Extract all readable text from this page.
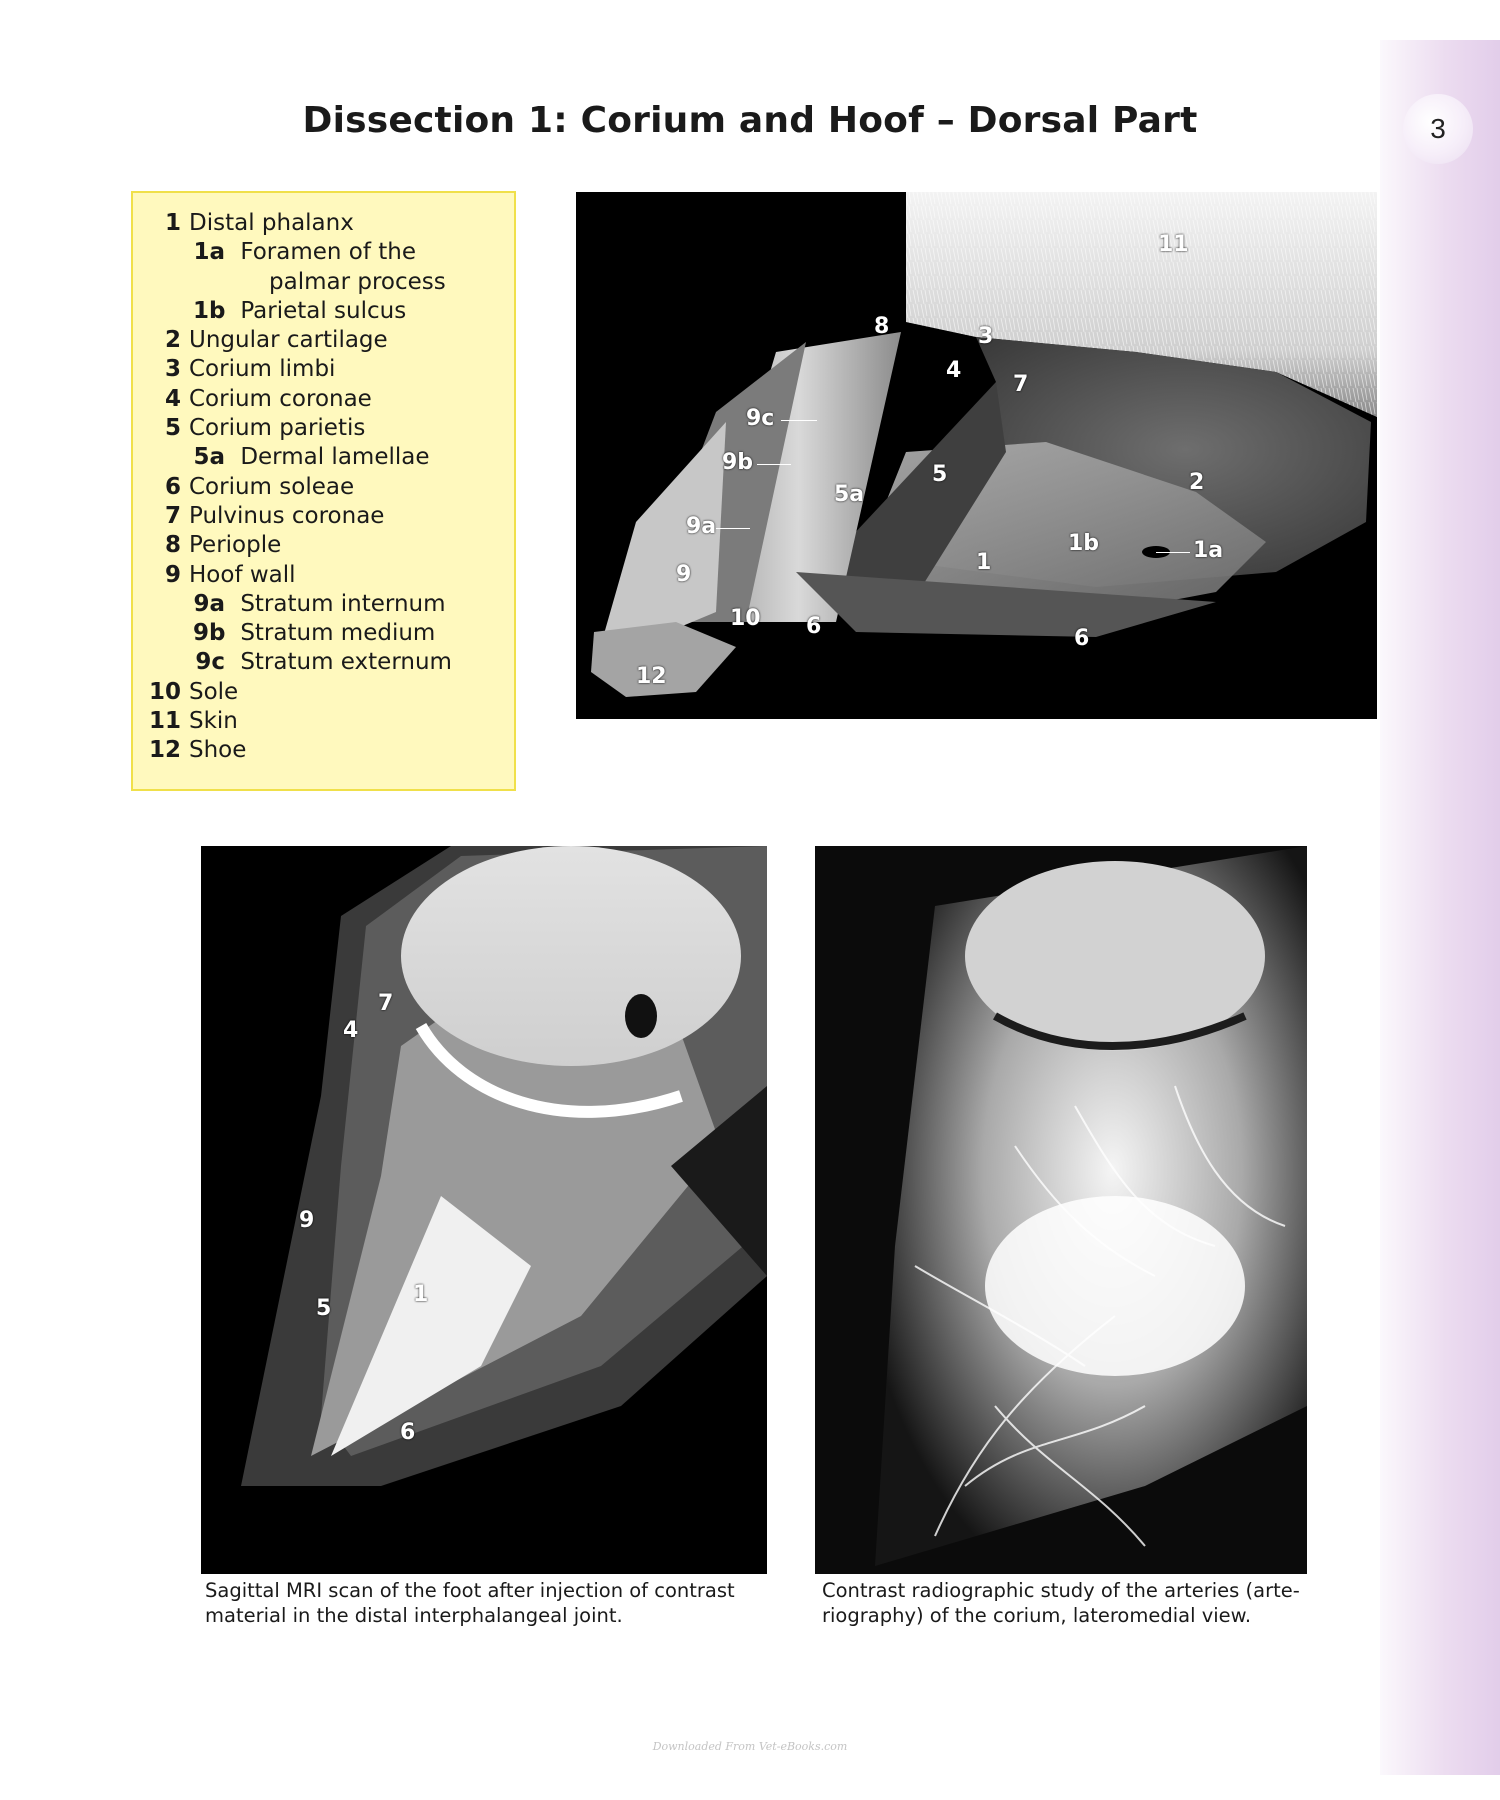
3
Dissection 1: Corium and Hoof – Dorsal Part
1 Distal phalanx
1a Foramen of the
palmar process
1b Parietal sulcus
2 Ungular cartilage
3 Corium limbi
4 Corium coronae
5 Corium parietis
5a Dermal lamellae
6 Corium soleae
7 Pulvinus coronae
8 Periople
9 Hoof wall
9a Stratum internum
9b Stratum medium
9c Stratum externum
10 Sole
11 Skin
12 Shoe
11
8	3
4
7
9c
9b	5	2
5a
9a
1b	1a
1
9
10 6	6
12
7
4
9
5
1
6
Sagittal MRI scan of the foot after injection of contrast
material in the distal interphalangeal joint.
Contrast radiographic study of the arteries (arte-
riography) of the corium, lateromedial view.
Downloaded From Vet-eBooks.com
